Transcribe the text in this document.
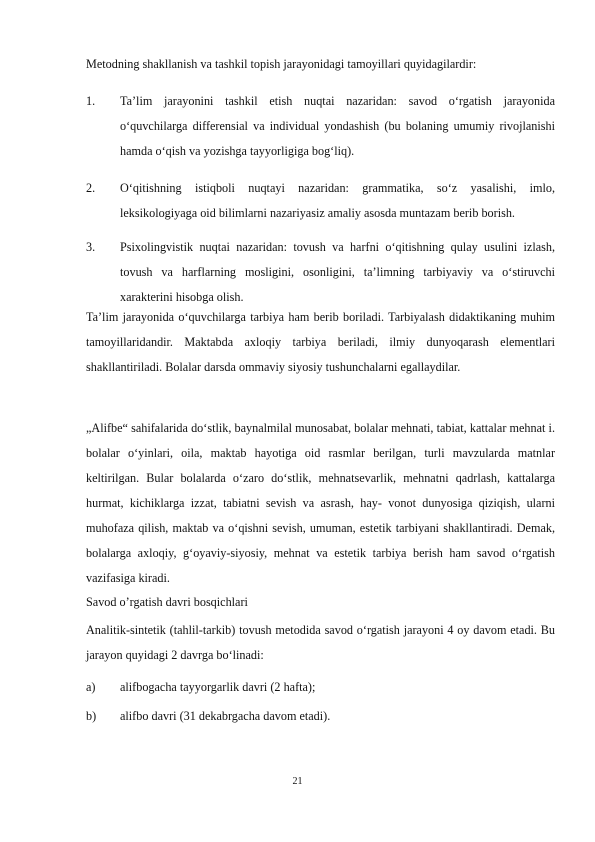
Metodning shakllanish va tashkil topish jarayonidagi tamoyillari quyidagilardir:

1. Ta’lim jarayonini tashkil etish nuqtai nazaridan: savod o‘rgatish jarayonida o‘quvchilarga differensial va individual yondashish (bu bolaning umumiy rivojlanishi hamda o‘qish va yozishga tayyorligiga bog‘liq).

2. O‘qitishning istiqboli nuqtayi nazaridan: grammatika, so‘z yasalishi, imlo, leksikologiyaga oid bilimlarni nazariyasiz amaliy asosda muntazam berib borish.

3. Psixolingvistik nuqtai nazaridan: tovush va harfni o‘qitishning qulay usulini izlash, tovush va harflarning mosligini, osonligini, ta’limning tarbiyaviy va o‘stiruvchi xarakterini hisobga olish.

Ta’lim jarayonida o‘quvchilarga tarbiya ham berib boriladi. Tarbiyalash didaktikaning muhim tamoyillaridandir. Maktabda axloqiy tarbiya beriladi, ilmiy dunyoqarash elementlari shakllantiriladi. Bolalar darsda ommaviy siyosiy tushunchalarni egallaydilar.

„Alifbe“ sahifalarida do‘stlik, baynalmilal munosabat, bolalar mehnati, tabiat, kattalar mehnat i. bolalar o‘yinlari, oila, maktab hayotiga oid rasmlar berilgan, turli mavzularda matnlar keltirilgan. Bular bolalarda o‘zaro do‘stlik, mehnatsevarlik, mehnatni qadrlash, kattalarga hurmat, kichiklarga izzat, tabiatni sevish va asrash, hay- vonot dunyosiga qiziqish, ularni muhofaza qilish, maktab va o‘qishni sevish, umuman, estetik tarbiyani shakllantiradi. Demak, bolalarga axloqiy, g‘oyaviy-siyosiy, mehnat va estetik tarbiya berish ham savod o‘rgatish vazifasiga kiradi.

Savod o’rgatish davri bosqichlari

Analitik-sintetik (tahlil-tarkib) tovush metodida savod o‘rgatish jarayoni 4 oy davom etadi. Bu jarayon quyidagi 2 davrga bo‘linadi:

a) alifbogacha tayyorgarlik davri (2 hafta);

b) alifbo davri (31 dekabrgacha davom etadi).

21
